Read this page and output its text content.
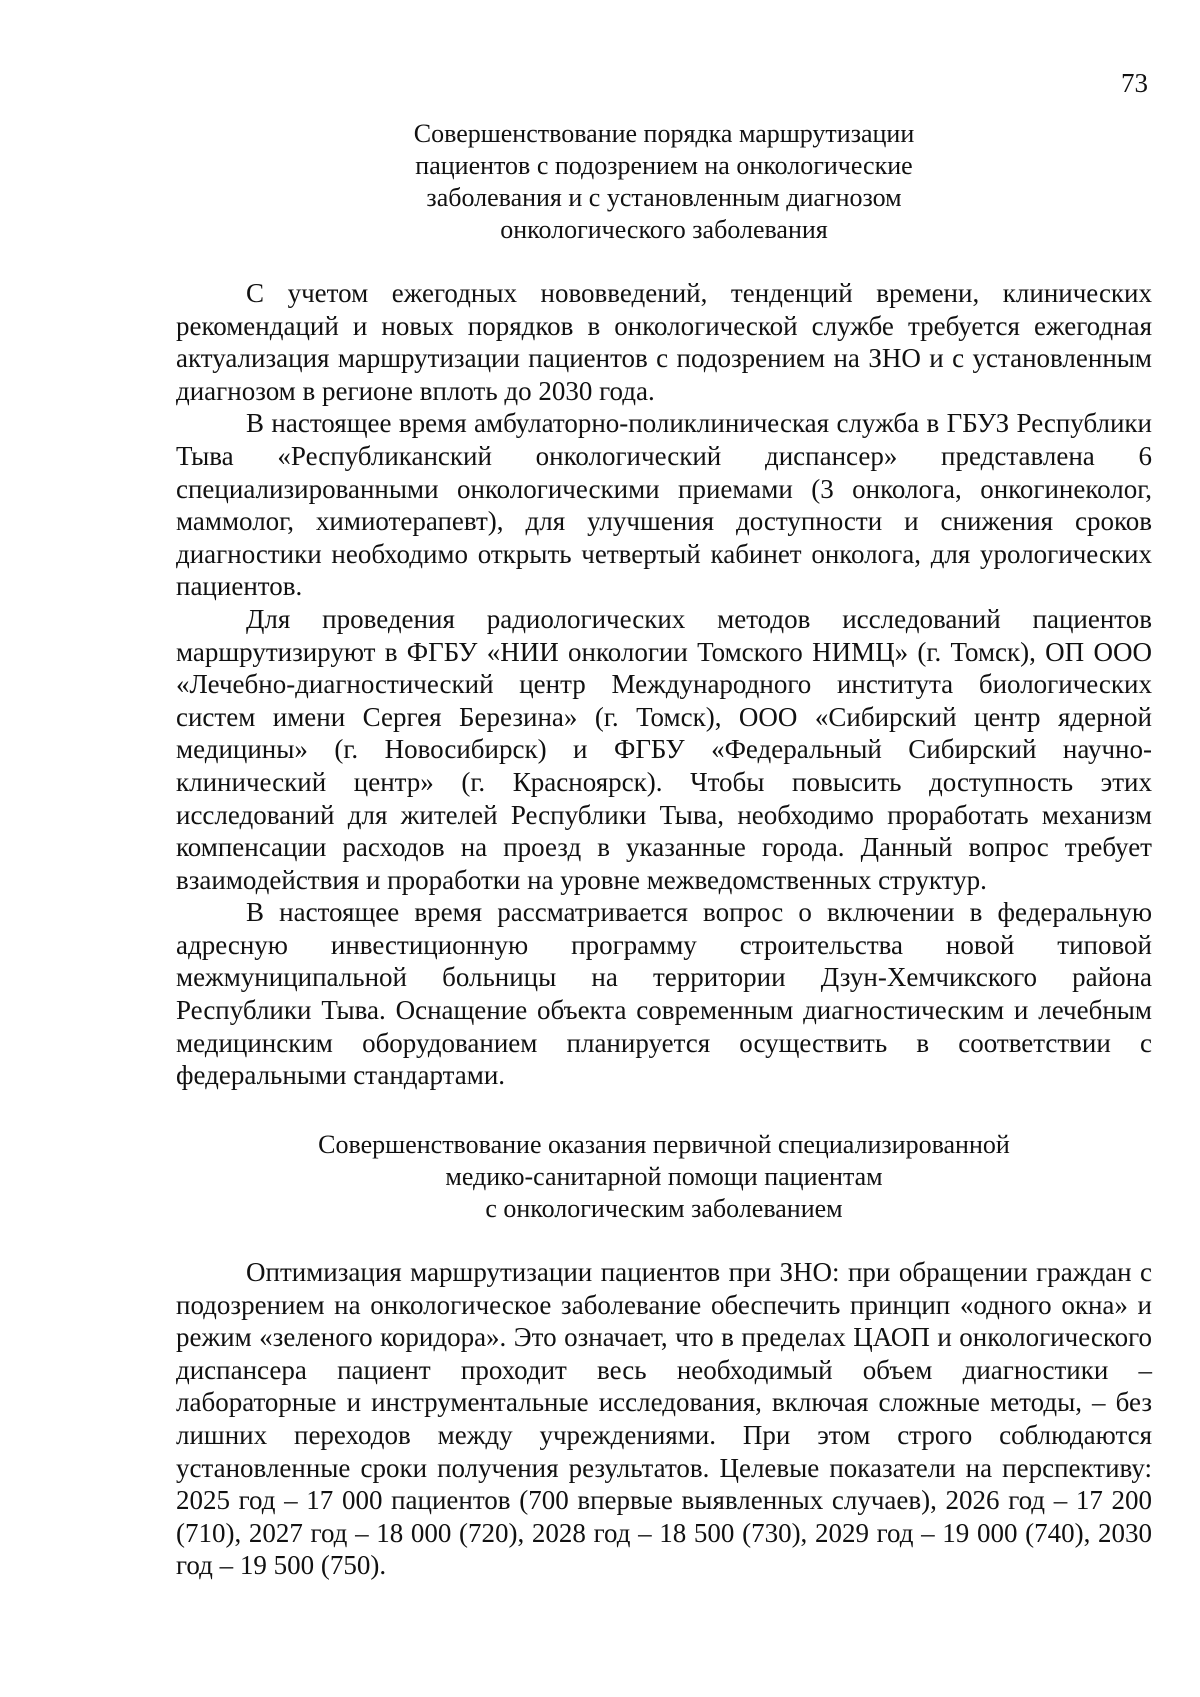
73
Совершенствование порядка маршрутизации
пациентов с подозрением на онкологические
заболевания и с установленным диагнозом
онкологического заболевания

С учетом ежегодных нововведений, тенденций времени, клинических рекомендаций и новых порядков в онкологической службе требуется ежегодная актуализация маршрутизации пациентов с подозрением на ЗНО и с установленным диагнозом в регионе вплоть до 2030 года.

В настоящее время амбулаторно-поликлиническая служба в ГБУЗ Республики Тыва «Республиканский онкологический диспансер» представлена 6 специализированными онкологическими приемами (3 онколога, онкогинеколог, маммолог, химиотерапевт), для улучшения доступности и снижения сроков диагностики необходимо открыть четвертый кабинет онколога, для урологических пациентов.

Для проведения радиологических методов исследований пациентов маршрутизируют в ФГБУ «НИИ онкологии Томского НИМЦ» (г. Томск), ОП ООО «Лечебно-диагностический центр Международного института биологических систем имени Сергея Березина» (г. Томск), ООО «Сибирский центр ядерной медицины» (г. Новосибирск) и ФГБУ «Федеральный Сибирский научно-клинический центр» (г. Красноярск). Чтобы повысить доступность этих исследований для жителей Республики Тыва, необходимо проработать механизм компенсации расходов на проезд в указанные города. Данный вопрос требует взаимодействия и проработки на уровне межведомственных структур.

В настоящее время рассматривается вопрос о включении в федеральную адресную инвестиционную программу строительства новой типовой межмуниципальной больницы на территории Дзун-Хемчикского района Республики Тыва. Оснащение объекта современным диагностическим и лечебным медицинским оборудованием планируется осуществить в соответствии с федеральными стандартами.

Совершенствование оказания первичной специализированной
медико-санитарной помощи пациентам
с онкологическим заболеванием

Оптимизация маршрутизации пациентов при ЗНО: при обращении граждан с подозрением на онкологическое заболевание обеспечить принцип «одного окна» и режим «зеленого коридора». Это означает, что в пределах ЦАОП и онкологического диспансера пациент проходит весь необходимый объем диагностики – лабораторные и инструментальные исследования, включая сложные методы, – без лишних переходов между учреждениями. При этом строго соблюдаются установленные сроки получения результатов. Целевые показатели на перспективу: 2025 год – 17 000 пациентов (700 впервые выявленных случаев), 2026 год – 17 200 (710), 2027 год – 18 000 (720), 2028 год – 18 500 (730), 2029 год – 19 000 (740), 2030 год – 19 500 (750).
